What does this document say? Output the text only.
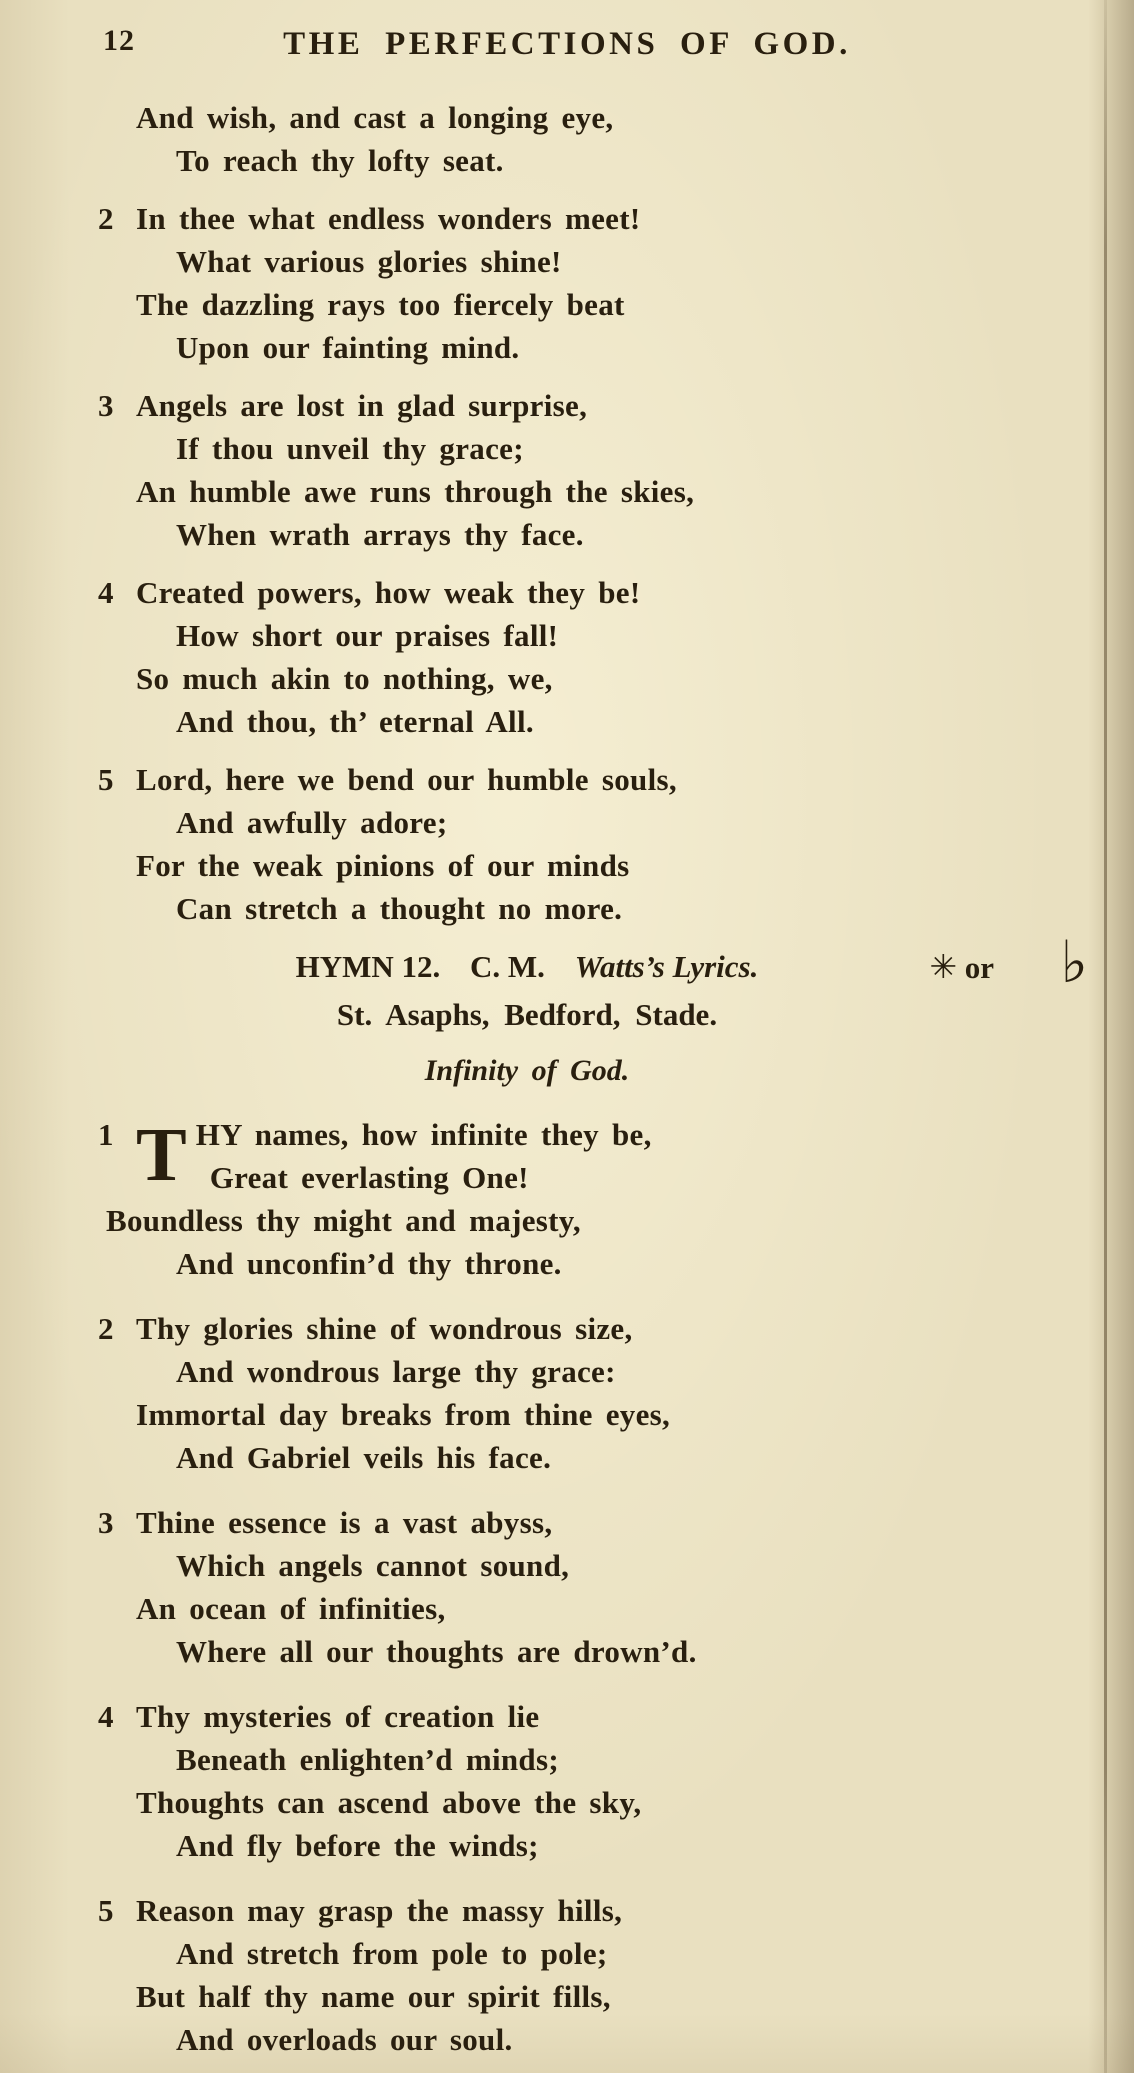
12	THE PERFECTIONS OF GOD.
And wish, and cast a longing eye,
To reach thy lofty seat.
2 In thee what endless wonders meet!
What various glories shine!
The dazzling rays too fiercely beat
Upon our fainting mind.
3 Angels are lost in glad surprise,
If thou unveil thy grace;
An humble awe runs through the skies,
When wrath arrays thy face.
4 Created powers, how weak they be!
How short our praises fall!
So much akin to nothing, we,
And thou, th’ eternal All.
5 Lord, here we bend our humble souls,
And awfully adore;
For the weak pinions of our minds
Can stretch a thought no more.
HYMN 12. C. M. Watts’s Lyrics.	✳ or ♭
St. Asaphs, Bedford, Stade.
Infinity of God.
1 T HY names, how infinite they be,
Great everlasting One!
Boundless thy might and majesty,
And unconfin’d thy throne.
2 Thy glories shine of wondrous size,
And wondrous large thy grace:
Immortal day breaks from thine eyes,
And Gabriel veils his face.
3 Thine essence is a vast abyss,
Which angels cannot sound,
An ocean of infinities,
Where all our thoughts are drown’d.
4 Thy mysteries of creation lie
Beneath enlighten’d minds;
Thoughts can ascend above the sky,
And fly before the winds;
5 Reason may grasp the massy hills,
And stretch from pole to pole;
But half thy name our spirit fills,
And overloads our soul.
